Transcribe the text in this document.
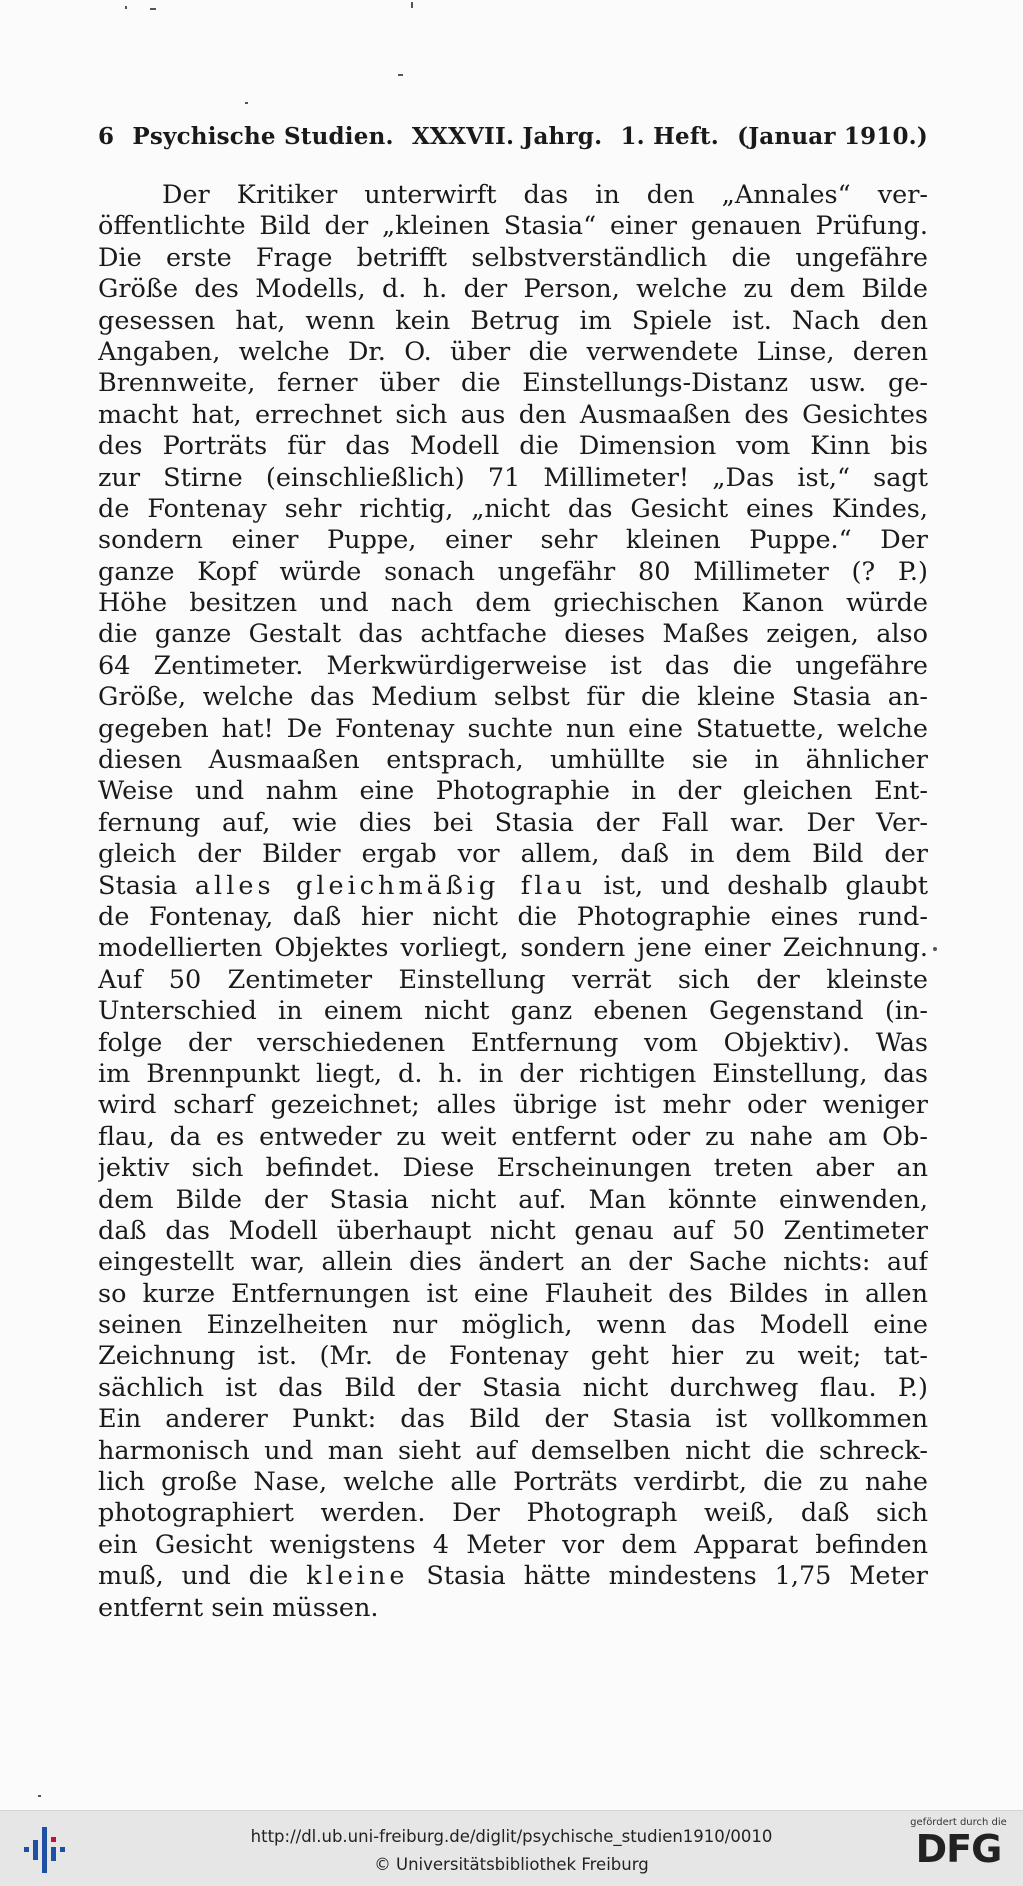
6 Psychische Studien. XXXVII. Jahrg. 1. Heft. (Januar 1910.)
Der Kritiker unterwirft das in den „Annales“ ver-
öffentlichte Bild der „kleinen Stasia“ einer genauen Prüfung.
Die erste Frage betrifft selbstverständlich die ungefähre
Größe des Modells, d. h. der Person, welche zu dem Bilde
gesessen hat, wenn kein Betrug im Spiele ist. Nach den
Angaben, welche Dr. O. über die verwendete Linse, deren
Brennweite, ferner über die Einstellungs-Distanz usw. ge-
macht hat, errechnet sich aus den Ausmaaßen des Gesichtes
des Porträts für das Modell die Dimension vom Kinn bis
zur Stirne (einschließlich) 71 Millimeter! „Das ist,“ sagt
de Fontenay sehr richtig, „nicht das Gesicht eines Kindes,
sondern einer Puppe, einer sehr kleinen Puppe.“ Der
ganze Kopf würde sonach ungefähr 80 Millimeter (? P.)
Höhe besitzen und nach dem griechischen Kanon würde
die ganze Gestalt das achtfache dieses Maßes zeigen, also
64 Zentimeter. Merkwürdigerweise ist das die ungefähre
Größe, welche das Medium selbst für die kleine Stasia an-
gegeben hat! De Fontenay suchte nun eine Statuette, welche
diesen Ausmaaßen entsprach, umhüllte sie in ähnlicher
Weise und nahm eine Photographie in der gleichen Ent-
fernung auf, wie dies bei Stasia der Fall war. Der Ver-
gleich der Bilder ergab vor allem, daß in dem Bild der
Stasia alles gleichmäßig flau ist, und deshalb glaubt
de Fontenay, daß hier nicht die Photographie eines rund-
modellierten Objektes vorliegt, sondern jene einer Zeichnung.
Auf 50 Zentimeter Einstellung verrät sich der kleinste
Unterschied in einem nicht ganz ebenen Gegenstand (in-
folge der verschiedenen Entfernung vom Objektiv). Was
im Brennpunkt liegt, d. h. in der richtigen Einstellung, das
wird scharf gezeichnet; alles übrige ist mehr oder weniger
flau, da es entweder zu weit entfernt oder zu nahe am Ob-
jektiv sich befindet. Diese Erscheinungen treten aber an
dem Bilde der Stasia nicht auf. Man könnte einwenden,
daß das Modell überhaupt nicht genau auf 50 Zentimeter
eingestellt war, allein dies ändert an der Sache nichts: auf
so kurze Entfernungen ist eine Flauheit des Bildes in allen
seinen Einzelheiten nur möglich, wenn das Modell eine
Zeichnung ist. (Mr. de Fontenay geht hier zu weit; tat-
sächlich ist das Bild der Stasia nicht durchweg flau. P.)
Ein anderer Punkt: das Bild der Stasia ist vollkommen
harmonisch und man sieht auf demselben nicht die schreck-
lich große Nase, welche alle Porträts verdirbt, die zu nahe
photographiert werden. Der Photograph weiß, daß sich
ein Gesicht wenigstens 4 Meter vor dem Apparat befinden
muß, und die kleine Stasia hätte mindestens 1,75 Meter
entfernt sein müssen.
http://dl.ub.uni-freiburg.de/diglit/psychische_studien1910/0010
© Universitätsbibliothek Freiburg
gefördert durch die
DFG
